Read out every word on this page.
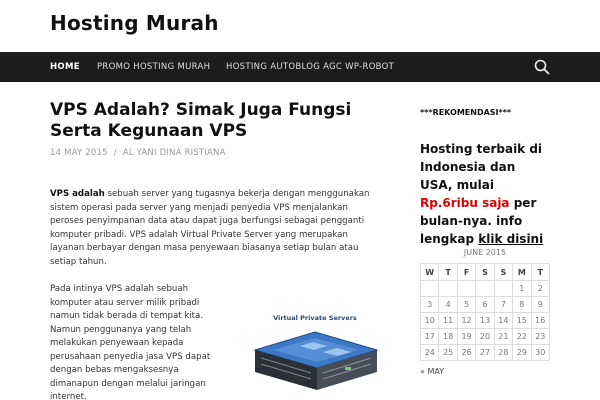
Hosting Murah
HOME PROMO HOSTING MURAH HOSTING AUTOBLOG AGC WP-ROBOT
VPS Adalah? Simak Juga Fungsi
Serta Kegunaan VPS
14 MAY 2015 / AL YANI DINA RISTIANA
VPS adalah sebuah server yang tugasnya bekerja dengan menggunakan sistem operasi pada server yang menjadi penyedia VPS menjalankan peroses penyimpanan data atau dapat juga berfungsi sebagai pengganti komputer pribadi. VPS adalah Virtual Private Server yang merupakan layanan berbayar dengan masa penyewaan biasanya setiap bulan atau setiap tahun.
Pada intinya VPS adalah sebuah komputer atau server milik pribadi namun tidak berada di tempat kita. Namun penggunanya yang telah melakukan penyewaan kepada perusahaan penyedia jasa VPS dapat dengan bebas mengaksesnya dimanapun dengan melalui jaringan internet.
Virtual Private Servers
***REKOMENDASI***
Hosting terbaik di Indonesia dan USA, mulai Rp.6ribu saja per bulan-nya. info lengkap klik disini
JUNE 2015
W	T	F	S	S	M	T
					1	2
3	4	5	6	7	8	9
10	11	12	13	14	15	16
17	18	19	20	21	22	23
24	25	26	27	28	29	30
« MAY
